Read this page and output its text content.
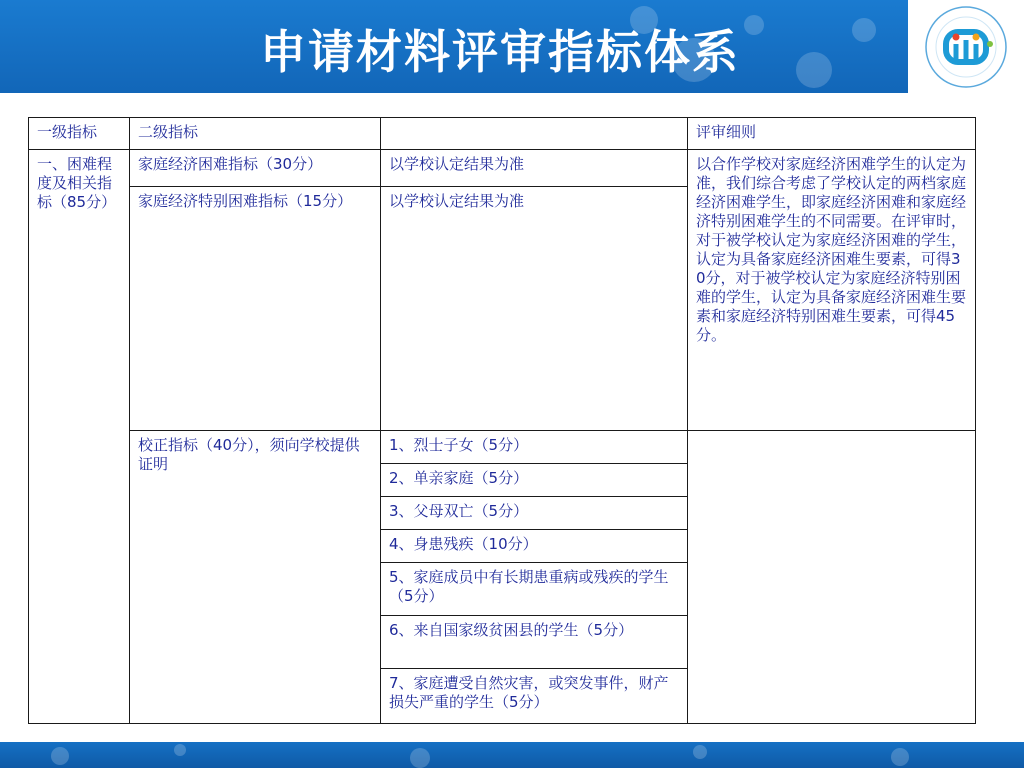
申请材料评审指标体系
一级指标	二级指标		评审细则
一、困难程度及相关指标（85分）	家庭经济困难指标（30分）	以学校认定结果为准	以合作学校对家庭经济困难学生的认定为准，我们综合考虑了学校认定的两档家庭经济困难学生，即家庭经济困难和家庭经济特别困难学生的不同需要。在评审时，对于被学校认定为家庭经济困难的学生，认定为具备家庭经济困难生要素，可得30分，对于被学校认定为家庭经济特别困难的学生，认定为具备家庭经济困难生要素和家庭经济特别困难生要素，可得45分。
	家庭经济特别困难指标（15分）	以学校认定结果为准	
	校正指标（40分），须向学校提供证明	1、烈士子女（5分）	
		2、单亲家庭（5分）	
		3、父母双亡（5分）	
		4、身患残疾（10分）	
		5、家庭成员中有长期患重病或残疾的学生（5分）	
		6、来自国家级贫困县的学生（5分）	
		7、家庭遭受自然灾害，或突发事件，财产损失严重的学生（5分）	
